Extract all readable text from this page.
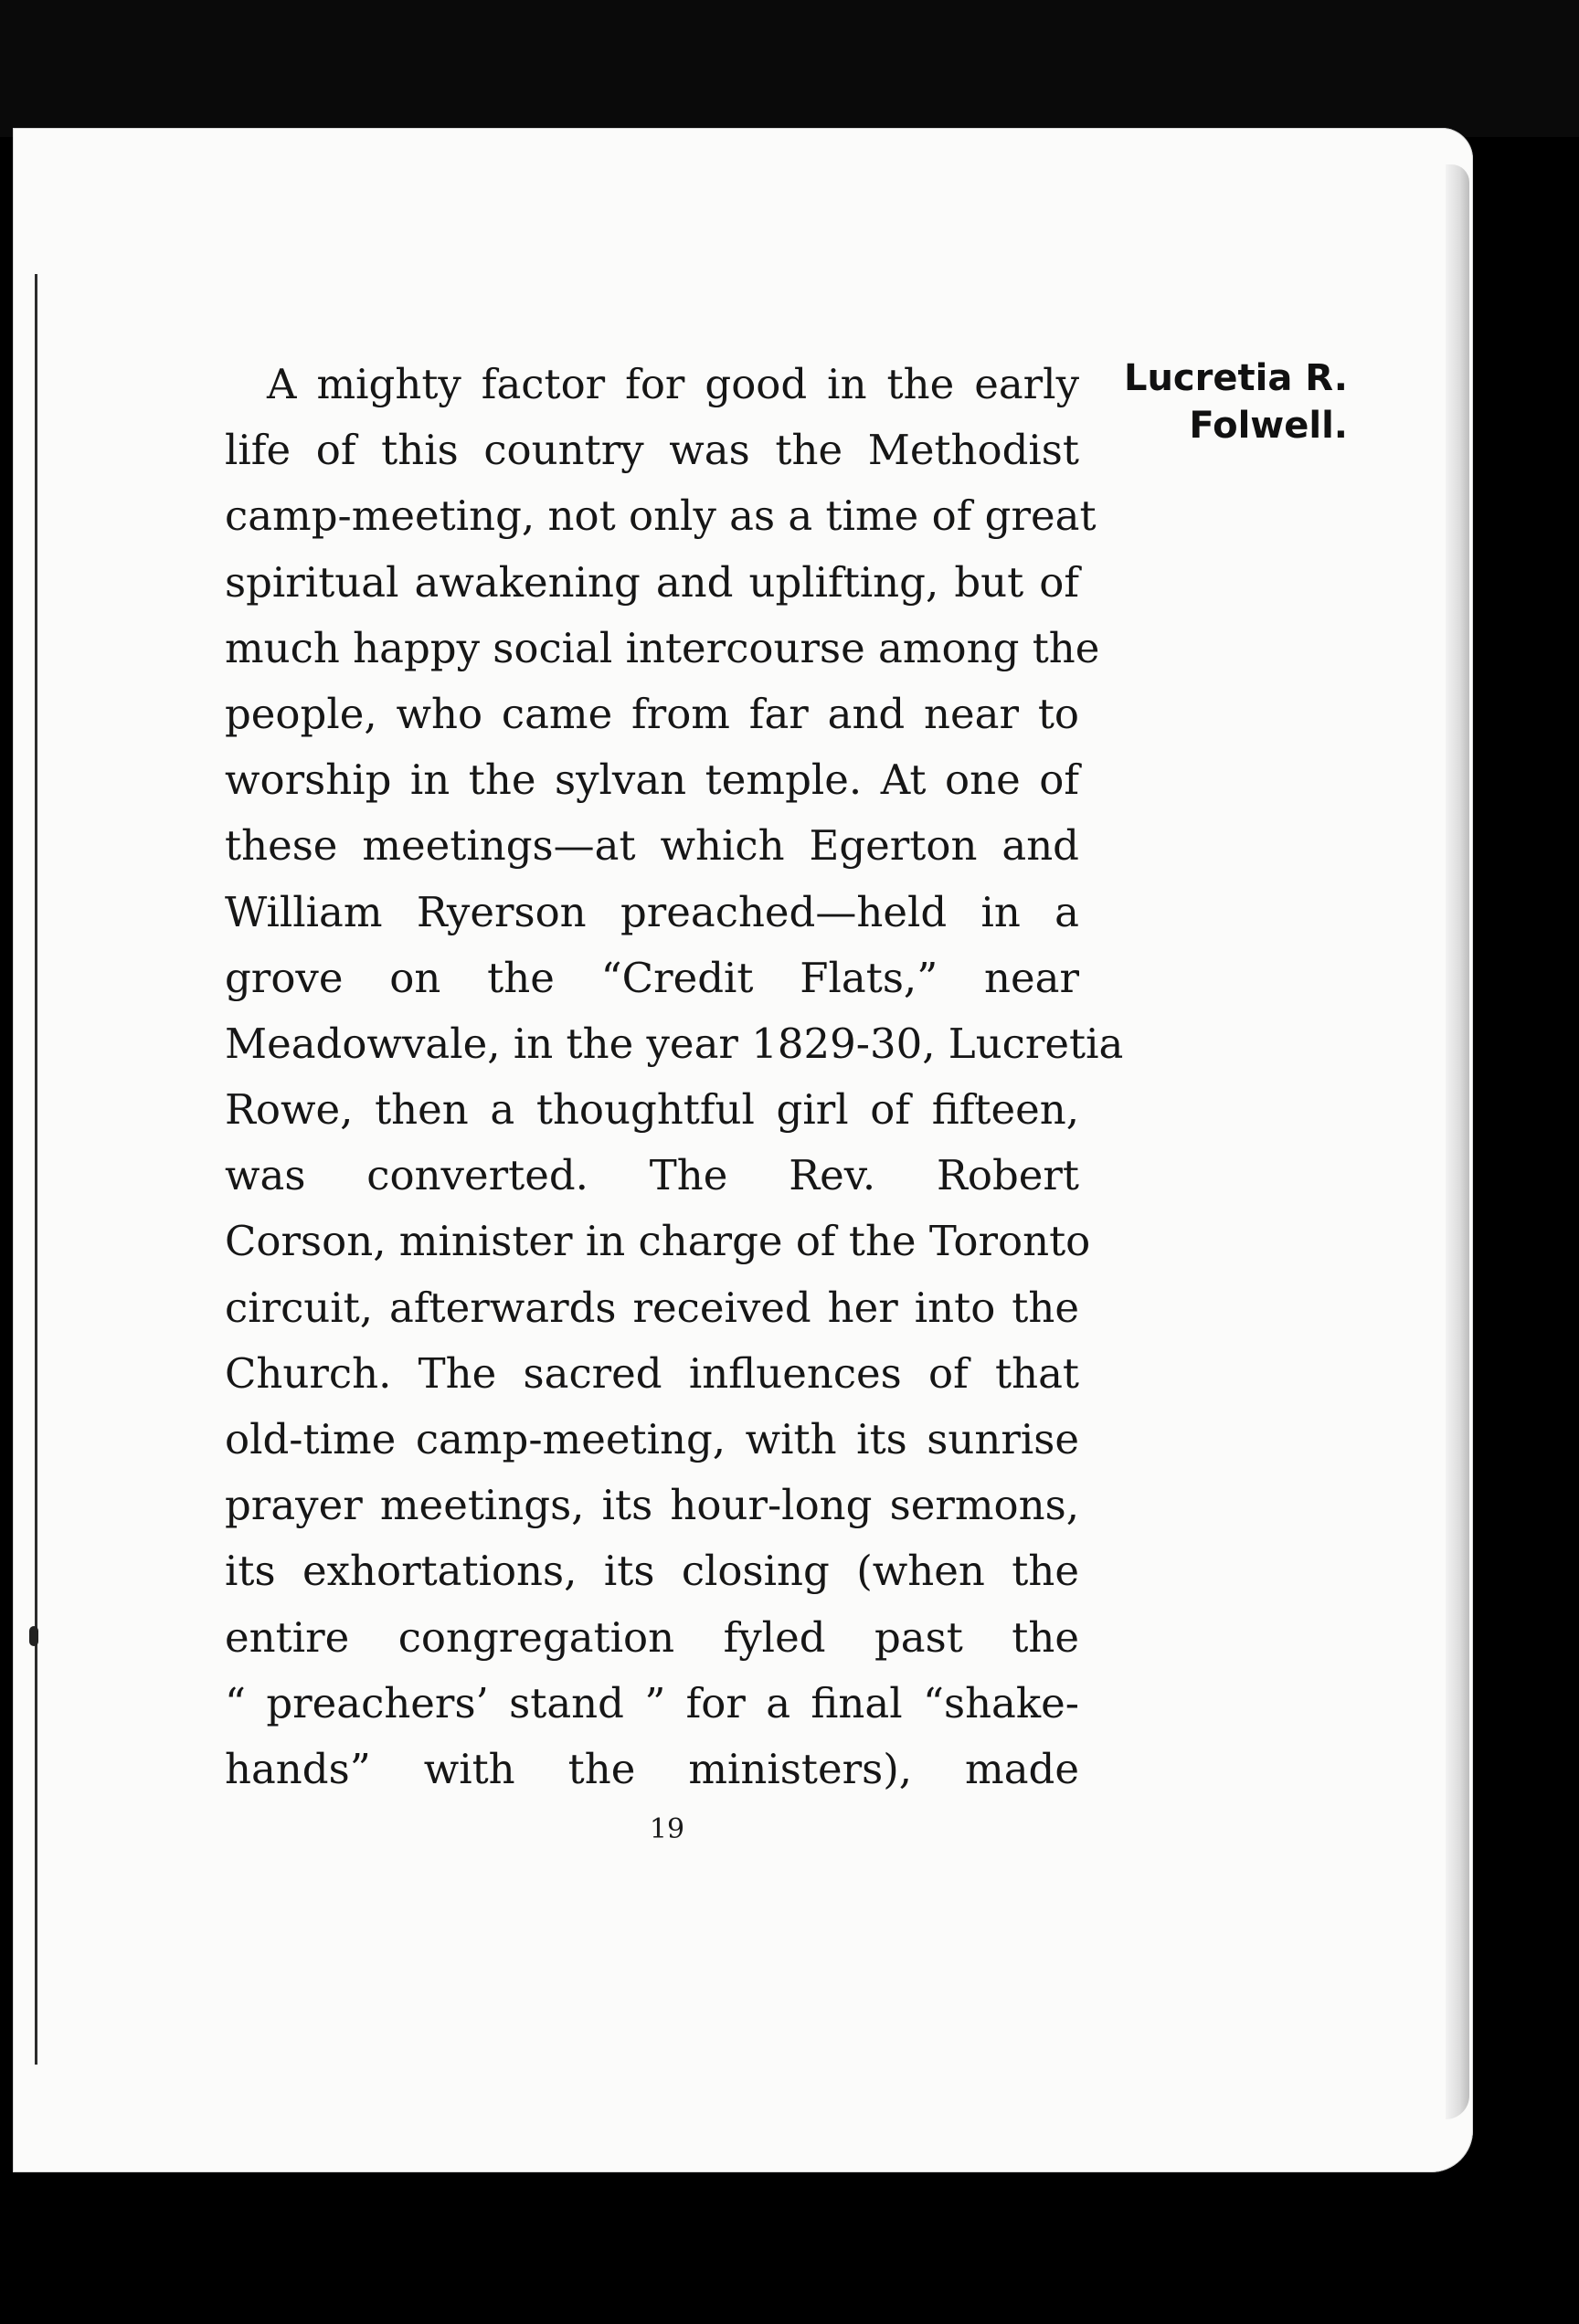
Lucretia R.
Folwell.
A mighty factor for good in the early
life of this country was the Methodist
camp-meeting, not only as a time of great
spiritual awakening and uplifting, but of
much happy social intercourse among the
people, who came from far and near to
worship in the sylvan temple. At one of
these meetings—at which Egerton and
William Ryerson preached—held in a
grove on the “Credit Flats,” near
Meadowvale, in the year 1829-30, Lucretia
Rowe, then a thoughtful girl of fifteen,
was converted. The Rev. Robert
Corson, minister in charge of the Toronto
circuit, afterwards received her into the
Church. The sacred influences of that
old-time camp-meeting, with its sunrise
prayer meetings, its hour-long sermons,
its exhortations, its closing (when the
entire congregation fyled past the
“ preachers’ stand ” for a final “shake-
hands” with the ministers), made
19
